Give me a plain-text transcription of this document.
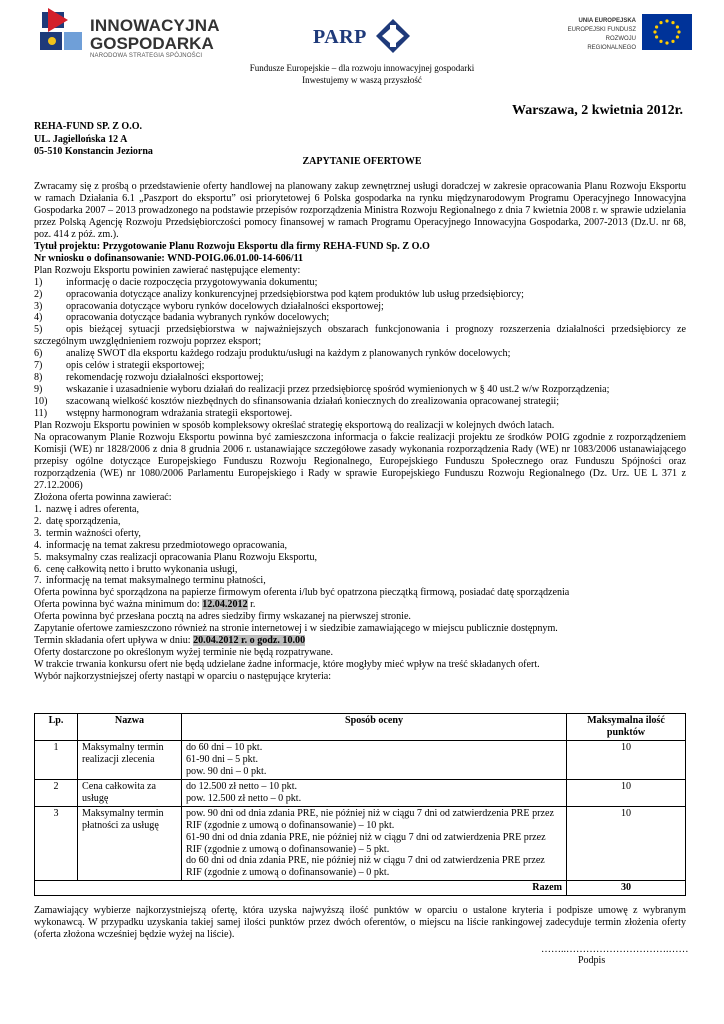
INNOWACYJNA
GOSPODARKA
NARODOWA STRATEGIA SPÓJNOŚCI
PARP
UNIA EUROPEJSKA
EUROPEJSKI FUNDUSZ
ROZWOJU REGIONALNEGO
Fundusze Europejskie – dla rozwoju innowacyjnej gospodarki
Inwestujemy w waszą przyszłość
Warszawa, 2 kwietnia 2012r.
REHA-FUND SP. Z O.O.
UL. Jagiellońska 12 A
05-510 Konstancin Jeziorna
ZAPYTANIE OFERTOWE

Zwracamy się z prośbą o przedstawienie oferty handlowej na planowany zakup zewnętrznej usługi doradczej w zakresie opracowania Planu Rozwoju Eksportu w ramach Działania 6.1 „Paszport do eksportu” osi priorytetowej 6 Polska gospodarka na rynku międzynarodowym Programu Operacyjnego Innowacyjna Gospodarka 2007 – 2013 prowadzonego na podstawie przepisów rozporządzenia Ministra Rozwoju Regionalnego z dnia 7 kwietnia 2008 r. w sprawie udzielania przez Polską Agencję Rozwoju Przedsiębiorczości pomocy finansowej w ramach Programu Operacyjnego Innowacyjna Gospodarka, 2007-2013 (Dz.U. nr 68, poz. 414 z póź. zm.).

Tytuł projektu: Przygotowanie Planu Rozwoju Eksportu dla firmy REHA-FUND Sp. Z O.O

Nr wniosku o dofinansowanie: WND-POIG.06.01.00-14-606/11

Plan Rozwoju Eksportu powinien zawierać następujące elementy:

1)	informację o dacie rozpoczęcia przygotowywania dokumentu;
2)	opracowania dotyczące analizy konkurencyjnej przedsiębiorstwa pod kątem produktów lub usług przedsiębiorcy;
3)	opracowania dotyczące wyboru rynków docelowych działalności eksportowej;
4)	opracowania dotyczące badania wybranych rynków docelowych;

5) opis bieżącej sytuacji przedsiębiorstwa w najważniejszych obszarach funkcjonowania i prognozy rozszerzenia działalności przedsiębiorcy ze szczególnym uwzględnieniem rozwoju poprzez eksport;

6)	analizę SWOT dla eksportu każdego rodzaju produktu/usługi na każdym z planowanych rynków docelowych;
7)	opis celów i strategii eksportowej;
8)	rekomendację rozwoju działalności eksportowej;
9)	wskazanie i uzasadnienie wyboru działań do realizacji przez przedsiębiorcę spośród wymienionych w § 40 ust.2 w/w Rozporządzenia;
10)	szacowaną wielkość kosztów niezbędnych do sfinansowania działań koniecznych do zrealizowania opracowanej strategii;
11)	wstępny harmonogram wdrażania strategii eksportowej.

Plan Rozwoju Eksportu powinien w sposób kompleksowy określać strategię eksportową do realizacji w kolejnych dwóch latach.

Na opracowanym Planie Rozwoju Eksportu powinna być zamieszczona informacja o fakcie realizacji projektu ze środków POIG zgodnie z rozporządzeniem Komisji (WE) nr 1828/2006 z dnia 8 grudnia 2006 r. ustanawiające szczegółowe zasady wykonania rozporządzenia Rady (WE) nr 1083/2006 ustanawiającego przepisy ogólne dotyczące Europejskiego Funduszu Rozwoju Regionalnego, Europejskiego Funduszu Społecznego oraz Funduszu Spójności oraz rozporządzenia (WE) nr 1080/2006 Parlamentu Europejskiego i Rady w sprawie Europejskiego Funduszu Rozwoju Regionalnego (Dz. Urz. UE L 371 z 27.12.2006)

Złożona oferta powinna zawierać:

1. nazwę i adres oferenta,
2. datę sporządzenia,
3. termin ważności oferty,
4. informację na temat zakresu przedmiotowego opracowania,
5. maksymalny czas realizacji opracowania Planu Rozwoju Eksportu,
6. cenę całkowitą netto i brutto wykonania usługi,
7. informację na temat maksymalnego terminu płatności,

Oferta powinna być sporządzona na papierze firmowym oferenta i/lub być opatrzona pieczątką firmową, posiadać datę sporządzenia

Oferta powinna być ważna minimum do: 12.04.2012 r.

Oferta powinna być przesłana pocztą na adres siedziby firmy wskazanej na pierwszej stronie.

Zapytanie ofertowe zamieszczono również na stronie internetowej i w siedzibie zamawiającego w miejscu publicznie dostępnym.

Termin składania ofert upływa w dniu: 20.04.2012 r. o godz. 10.00

Oferty dostarczone po określonym wyżej terminie nie będą rozpatrywane.

W trakcie trwania konkursu ofert nie będą udzielane żadne informacje, które mogłyby mieć wpływ na treść składanych ofert.

Wybór najkorzystniejszej oferty nastąpi w oparciu o następujące kryteria:

Lp.	Nazwa	Sposób oceny	Maksymalna ilość punktów
1	Maksymalny termin realizacji zlecenia	do 60 dni – 10 pkt.
61-90 dni – 5 pkt.
pow. 90 dni – 0 pkt.	10
2	Cena całkowita za usługę	do 12.500 zł netto – 10 pkt.
pow. 12.500 zł netto – 0 pkt.	10
3	Maksymalny termin płatności za usługę	pow. 90 dni od dnia zdania PRE, nie później niż w ciągu 7 dni od zatwierdzenia PRE przez RIF (zgodnie z umową o dofinansowanie) – 10 pkt.
61-90 dni od dnia zdania PRE, nie później niż w ciągu 7 dni od zatwierdzenia PRE przez RIF (zgodnie z umową o dofinansowanie) – 5 pkt.
do 60 dni od dnia zdania PRE, nie później niż w ciągu 7 dni od zatwierdzenia PRE przez RIF (zgodnie z umową o dofinansowanie) – 0 pkt.	10
Razem			30
Zamawiający wybierze najkorzystniejszą ofertę, która uzyska najwyższą ilość punktów w oparciu o ustalone kryteria i podpisze umowę z wybranym wykonawcą. W przypadku uzyskania takiej samej ilości punktów przez dwóch oferentów, o miejscu na liście rankingowej zadecyduje termin złożenia oferty (oferta złożona wcześniej będzie wyżej na liście).
……..………………………….……
Podpis
